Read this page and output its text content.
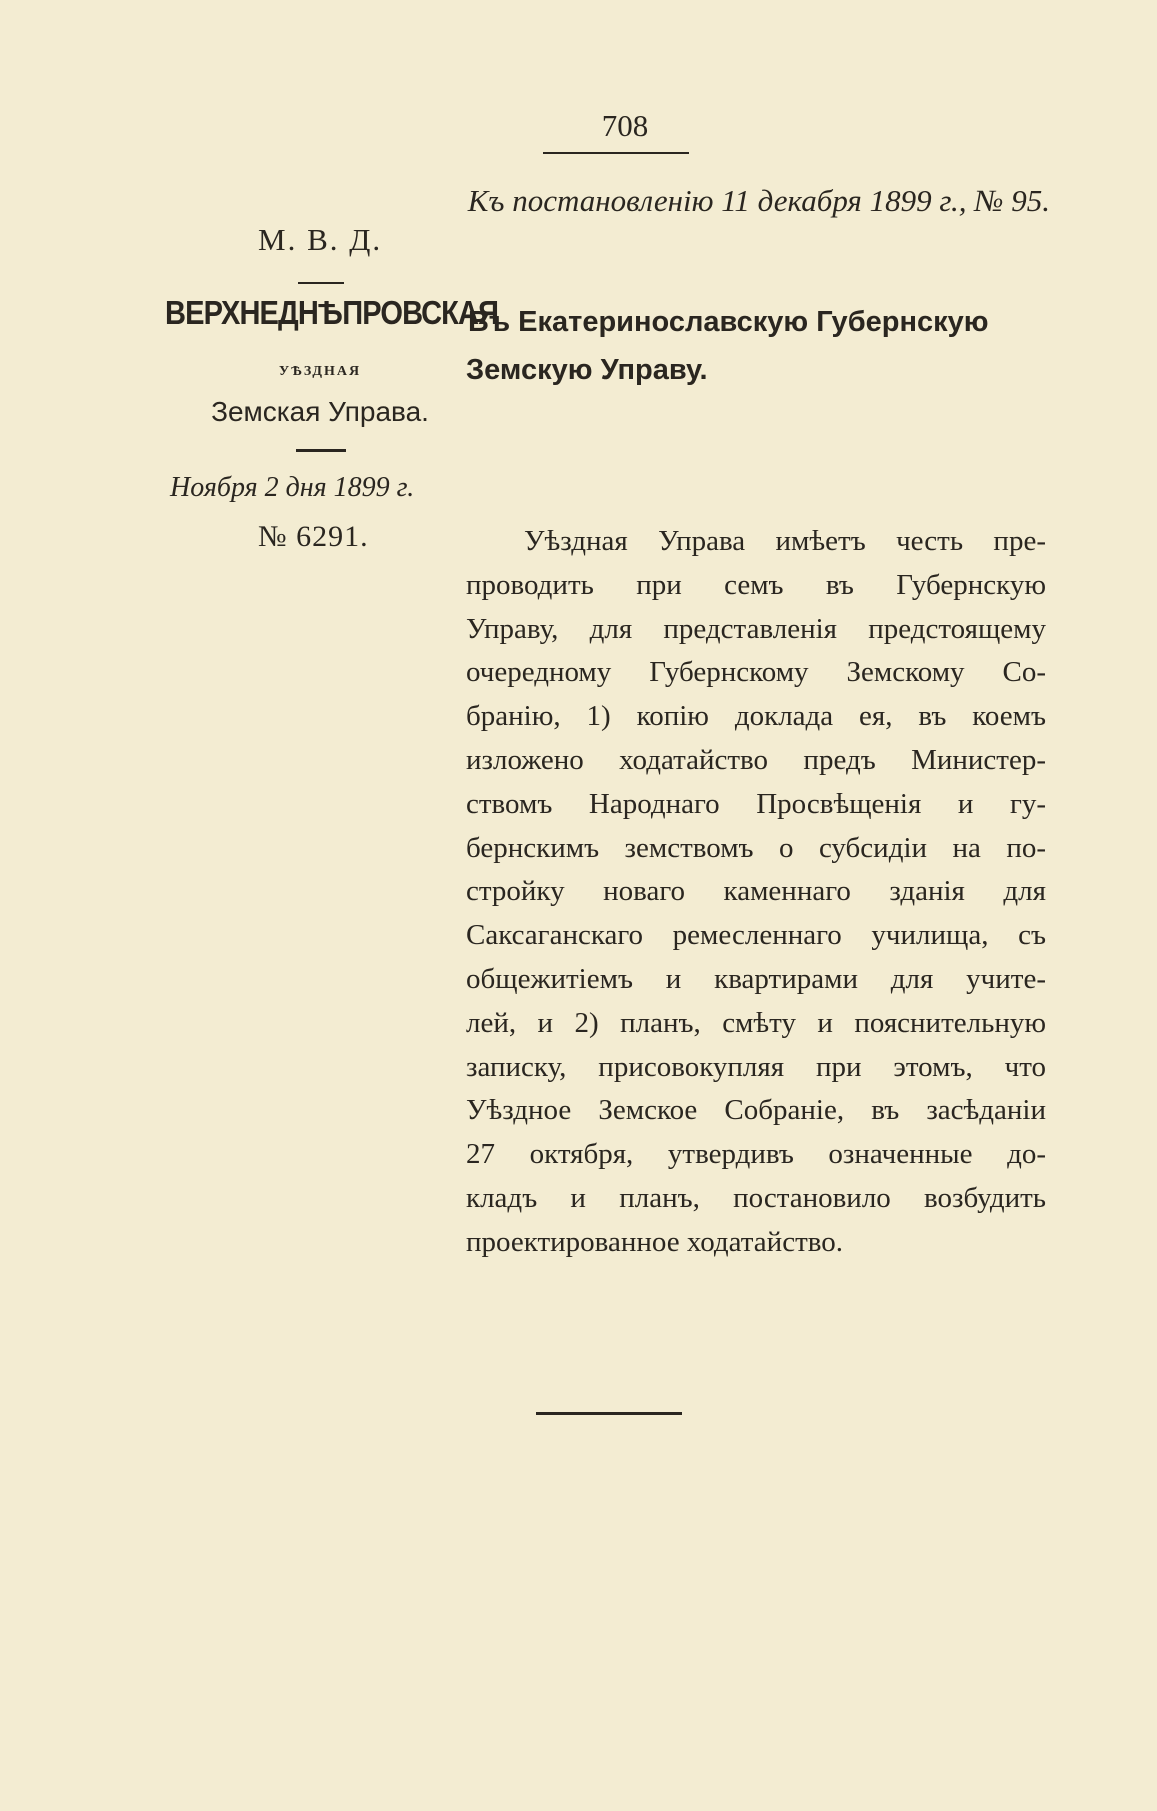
708
Къ постановленію 11 декабря 1899 г., № 95.
М. В. Д.
ВЕРХНЕДНѢПРОВСКАЯ
УѢЗДНАЯ
Земская Управа.
Въ Екатеринославскую Губернскую
Земскую Управу.
Ноября 2 дня 1899 г.
№ 6291.	Уѣздная Управа имѣетъ честь пре-
проводить при семъ въ Губернскую
Управу, для представленія предстоящему
очередному Губернскому Земскому Со-
бранію, 1) копію доклада ея, въ коемъ
изложено ходатайство предъ Министер-
ствомъ Народнаго Просвѣщенія и гу-
бернскимъ земствомъ о субсидіи на по-
стройку новаго каменнаго зданія для
Саксаганскаго ремесленнаго училища, съ
общежитіемъ и квартирами для учите-
лей, и 2) планъ, смѣту и пояснительную
записку, присовокупляя при этомъ, что
Уѣздное Земское Собраніе, въ засѣданіи
27 октября, утвердивъ означенные до-
кладъ и планъ, постановило возбудить
проектированное ходатайство.
